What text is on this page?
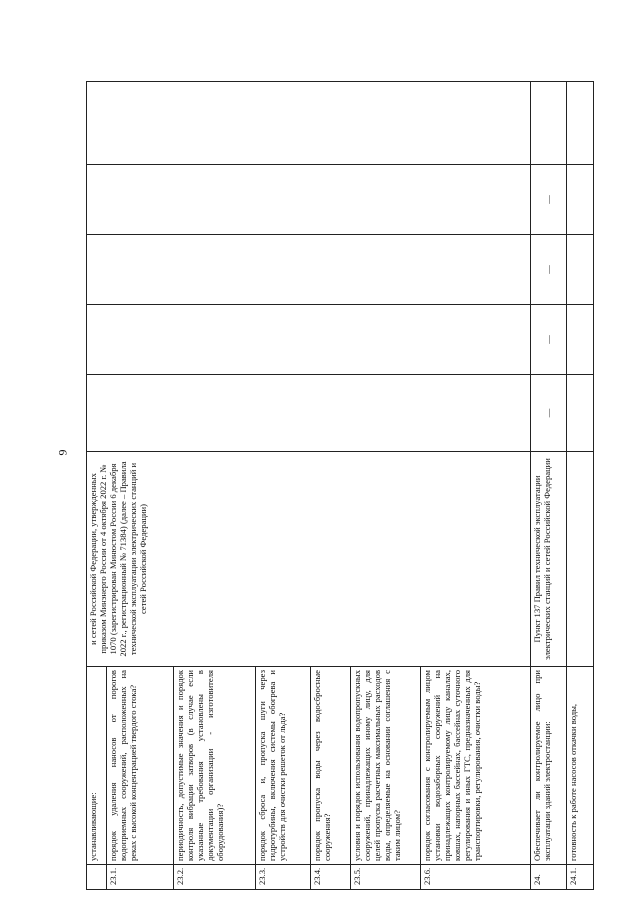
9
	устанавливающие:	и сетей Российской Федерации, утвержденных приказом Минэнерго России от 4 октября 2022 г. № 1070 (зарегистрирован Минюстом России 6 декабря 2022 г., регистрационный № 71384) (далее – Правила технической эксплуатации электрических станций и сетей Российской Федерации)					
23.1.	порядок удаления наносов от порогов водоприемных сооружений, расположенных на реках с высокой концентрацией твердого стока?						
23.2.	периодичность, допустимые значения и порядок контроля вибрации затворов (в случае если указанные требования установлены в документации организации - изготовителя оборудования)?						
23.3.	порядок сброса и, пропуска шуги через гидротурбины, включения системы обогрева и устройств для очистки решеток от льда?						
23.4.	порядок пропуска воды через водосбросные сооружения?						
23.5.	условия и порядок использования водопропускных сооружений, принадлежащих иному лицу, для целей пропуска расчетных максимальных расходов воды, определяемые на основании соглашения с таким лицом?						
23.6.	порядок согласования с контролируемым лицом установки водозаборных сооружений на принадлежащих контролируемому лицу каналах, ковшах, напорных бассейнах, бассейнах суточного регулирования и иных ГТС, предназначенных для транспортировки, регулирования, очистки воды?						
24.	Обеспечивает ли контролируемое лицо при эксплуатации зданий электростанции:	Пункт 137 Правил технической эксплуатации электрических станций и сетей Российской Федерации	—	—	—	—	
24.1.	готовность к работе насосов откачки воды,						
